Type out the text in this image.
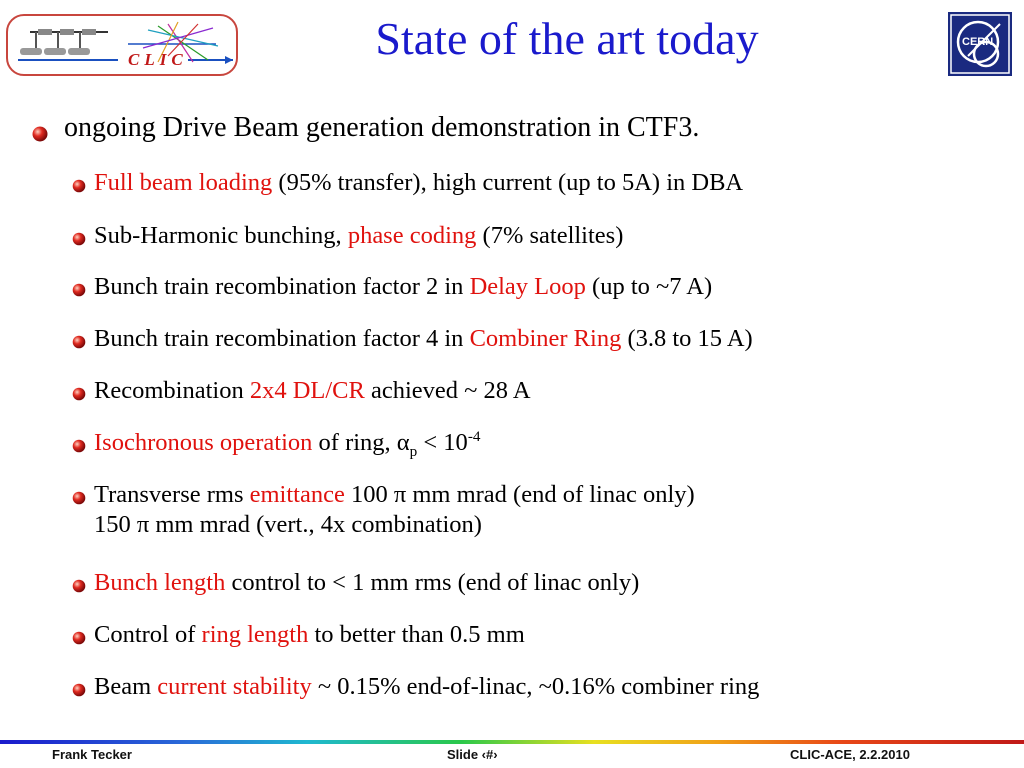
CLIC	State of the art today	CERN
ongoing Drive Beam generation demonstration in CTF3.
Full beam loading (95% transfer), high current (up to 5A) in DBA
Sub-Harmonic bunching, phase coding (7% satellites)
Bunch train recombination factor 2 in Delay Loop (up to ~7 A)
Bunch train recombination factor 4 in Combiner Ring (3.8 to 15 A)
Recombination 2x4 DL/CR achieved ~ 28 A
Isochronous operation of ring, $\alpha_p < 10^{-4}$
Transverse rms emittance 100 π mm mrad (end of linac only)
150 π mm mrad (vert., 4x combination)
Bunch length control to < 1 mm rms (end of linac only)
Control of ring length to better than 0.5 mm
Beam current stability ~ 0.15% end-of-linac, ~0.16% combiner ring
Frank Tecker	Slide ‹#›	CLIC-ACE, 2.2.2010
